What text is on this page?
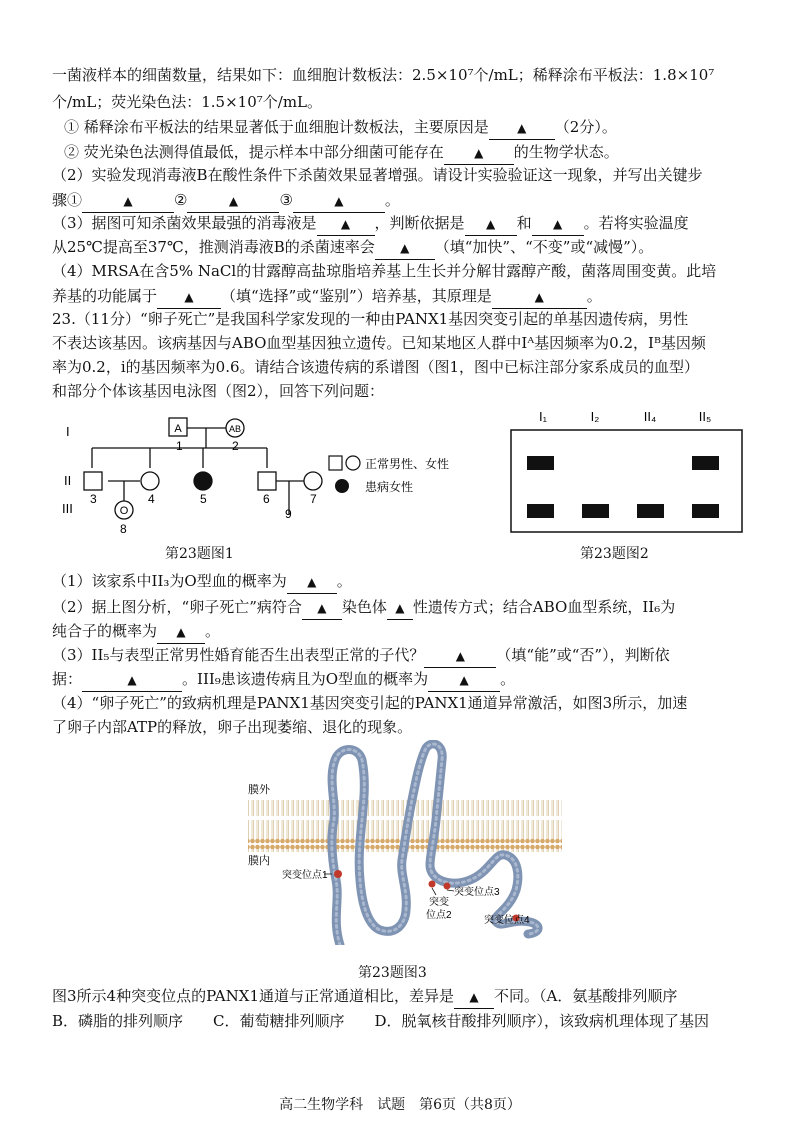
一菌液样本的细菌数量，结果如下：血细胞计数板法：2.5×10⁷个/mL；稀释涂布平板法：1.8×10⁷
个/mL；荧光染色法：1.5×10⁷个/mL。
① 稀释涂布平板法的结果显著低于血细胞计数板法，主要原因是 ▲ （2分）。
② 荧光染色法测得值最低，提示样本中部分细菌可能存在	▲ 的生物学状态。
（2）实验发现消毒液B在酸性条件下杀菌效果显著增强。请设计实验验证这一现象，并写出关键步
骤①	▲	②	▲	③	▲	。
（3）据图可知杀菌效果最强的消毒液是 ▲ ，判断依据是 ▲ 和 ▲ 。若将实验温度
从25℃提高至37℃，推测消毒液B的杀菌速率会 ▲ （填“加快”、“不变”或“减慢”）。
（4）MRSA在含5% NaCl的甘露醇高盐琼脂培养基上生长并分解甘露醇产酸，菌落周围变黄。此培
养基的功能属于 ▲ （填“选择”或“鉴别”）培养基，其原理是	▲	。
23.（11分）“卵子死亡”是我国科学家发现的一种由PANX1基因突变引起的单基因遗传病，男性
不表达该基因。该病基因与ABO血型基因独立遗传。已知某地区人群中Iᴬ基因频率为0.2，Iᴮ基因频
率为0.2，i的基因频率为0.6。请结合该遗传病的系谱图（图1，图中已标注部分家系成员的血型）
和部分个体该基因电泳图（图2），回答下列问题：
A	AB
O
I
II
III
1	2
3	4	5	6	7
8
9
正常男性、女性
患病女性
I₁	I₂	II₄	II₅
第23题图1	第23题图2
（1）该家系中II₃为O型血的概率为 ▲ 。
（2）据上图分析，“卵子死亡”病符合 ▲ 染色体 ▲ 性遗传方式；结合ABO血型系统，II₆为
纯合子的概率为 ▲ 。
（3）II₅与表型正常男性婚育能否生出表型正常的子代？	▲ （填“能”或“否”），判断依
据：	▲	。III₉患该遗传病且为O型血的概率为	▲ 。
（4）“卵子死亡”的致病机理是PANX1基因突变引起的PANX1通道异常激活，如图3所示，加速
了卵子内部ATP的释放，卵子出现萎缩、退化的现象。
膜外
膜内
突变位点1
突变
位点2
突变位点3
突变位点4
第23题图3
图3所示4种突变位点的PANX1通道与正常通道相比，差异是 ▲ 不同。（A．氨基酸排列顺序
B．磷脂的排列顺序　　C．葡萄糖排列顺序　　D．脱氧核苷酸排列顺序），该致病机理体现了基因
高二生物学科　试题　第6页（共8页）
